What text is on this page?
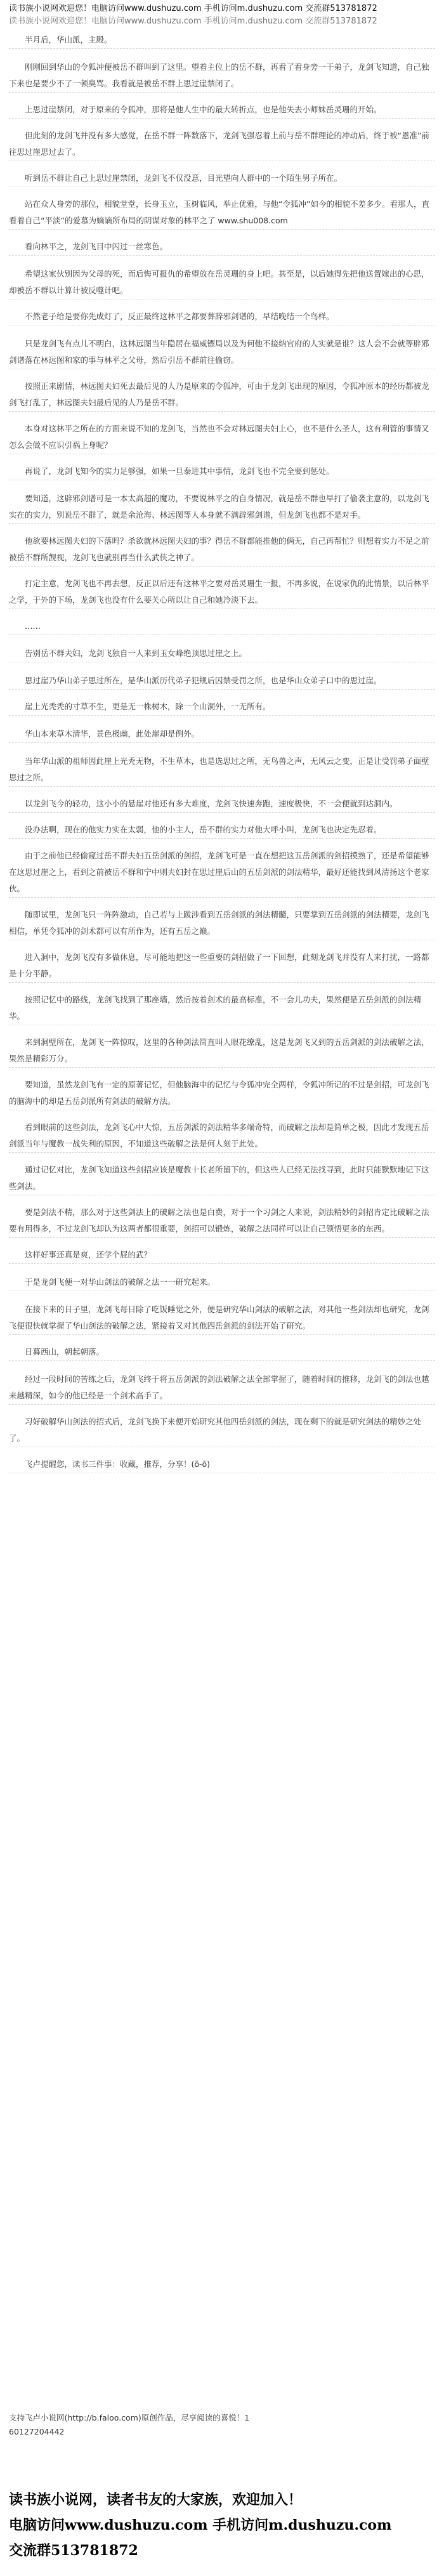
读书族小说网欢迎您！电脑访问www.dushuzu.com 手机访问m.dushuzu.com 交流群513781872
读书族小说网欢迎您！电脑访问www.dushuzu.com 手机访问m.dushuzu.com 交流群513781872

半月后，华山派，主殿。

刚刚回到华山的令狐冲便被岳不群叫到了这里。望着主位上的岳不群，再看了看身旁一干弟子，龙剑飞知道，自己独下来也是要少不了一顿臭骂。我看就是被岳不群上思过崖禁闭了。

上思过崖禁闭，对于原来的令狐冲，那将是他人生中的最大转折点，也是他失去小师妹岳灵珊的开始。

但此刻的龙剑飞并没有多大感觉，在岳不群一阵数落下，龙剑飞强忍着上前与岳不群理论的冲动后，终于被“恩准”前往思过崖思过去了。

听到岳不群让自己上思过崖禁闭，龙剑飞不仅没意，目光望向人群中的一个陌生男子所在。

站在众人身旁的那位，相貌堂堂，长身玉立，玉树临风，举止优雅，与他“令狐冲”如今的相貌不差多少。看那人，直看着自己“平淡”的爱慕为嫡谪所布局的阴谋对象的林平之了 www.shu008.com

看向林平之，龙剑飞目中闪过一丝寒色。

希望这家伙别因为父母的死，而后悔可报仇的希望放在岳灵珊的身上吧。甚至是，以后她得先把他送置嫁出的心思，却被岳不群以计算计被反噬计吧。

不然老子给是要你先成灯了，反正最终这林平之都要葬辞邪剑谱的，早结晚结一个鸟样。

只是龙剑飞有点儿不明白，这林远图当年隐居在福威镖局以及为何他不接纳官府的人实就是谁？这人会不会就等辟邪剑谱落在林远图和家的事与林平之父母，然后引岳不群前往偷窃。

按照正来剧情，林远图夫妇死去最后见的人乃是原来的令狐冲，可由于龙剑飞出现的原因，令狐冲原本的经历都被龙剑飞打乱了，林远图夫妇最后见的人乃是岳不群。

本身对这林平之所在的方面来说不知的龙剑飞，当然也不会对林远图夫妇上心，也不是什么圣人，这有利管的事情又怎么会做不应识引祸上身呢？

再说了，龙剑飞知今的实力足够强，如果一旦泰进其中事情，龙剑飞也不完全要到惩处。

要知道，这辟邪剑谱可是一本太高超的魔功，不要说林平之的自身情况，就是岳不群也早打了偷袭主意的，以龙剑飞实在的实力，别说岳不群了，就是余沧海、林远图等人本身就不满辟邪剑谱，但龙剑飞也都不是对手。

他欲要林远图夫妇的下落吗？杀欲就林远图夫妇的事？得岳不群都能推他的俩无，自己再帮忙？则想着实力不足之前被岳不群所觊视，龙剑飞也就别再当什么武侠之神了。

打定主意，龙剑飞也不再去想，反正以后还有这林平之要对岳灵珊生一报，不再多说，在说家仇的此情景，以后林平之学，于外的下场，龙剑飞也没有什么要关心所以让自己和她冷淡下去。

……

告别岳不群夫妇，龙剑飞独自一人来到玉女峰绝顶思过崖之上。

思过崖乃华山弟子思过所在，是华山派历代弟子犯规后囚禁受罚之所，也是华山众弟子口中的思过崖。

崖上光秃秃的寸草不生，更是无一株树木，除一个山洞外，一无所有。

华山本来草木清华，景色极幽，此处崖却是例外。

当年华山派的祖师因此崖上光秃无物，不生草木，也是选思过之所，无鸟兽之声，无风云之变，正是让受罚弟子面壁思过之所。

以龙剑飞今的轻功，这小小的悬崖对他还有多大难度，龙剑飞快速奔跑，速度极快，不一会便就到达洞内。

没办法啊，现在的他实力实在太弱，他的小主人，岳不群的实力对他大呼小叫，龙剑飞也决定先忍着。

由于之前他已经偷窥过岳不群夫妇五岳剑派的剑招，龙剑飞可是一直在想把这五岳剑派的剑招摸熟了，还是希望能够在这思过崖之上，看到之前被岳不群和宁中则夫妇封在思过崖后山的五岳剑派的剑法精华，最好还能找到风清扬这个老家伙。

随即试里，龙剑飞只一阵阵激动，自己若与上跋涉看到五岳剑派的剑法精髓，只要掌到五岳剑派的剑法精要，龙剑飞相信，单凭令狐冲的剑术都可以有所作为，还有五岳之巅。

进入洞中，龙剑飞没有多做休息，尽可能地把这一些重要的剑招做了一下回想，此刻龙剑飞并没有人来打扰，一路都是十分平静。

按照记忆中的路线，龙剑飞找到了那座墙，然后按着剑术的最高标准，不一会儿功夫，果然便是五岳剑派的剑法精华。

来到洞壁所在，龙剑飞一阵惊叹，这里的各种剑法简直叫人眼花缭乱，这是龙剑飞又到的五岳剑派的剑法破解之法，果然是精彩万分。

要知道，虽然龙剑飞有一定的原著记忆，但他脑海中的记忆与令狐冲完全两样，令狐冲所记的不过是剑招，可龙剑飞的脑海中的却是五岳剑派所有剑法的破解方法。

看到眼前的这些剑法，龙剑飞心中大惊，五岳剑派的剑法精华多端奇特，而破解之法却是简单之极，因此才发现五岳剑派当年与魔教一战失利的原因，不知道这些破解之法是何人刻于此处。

通过记忆对比，龙剑飞知道这些剑招应该是魔教十长老所留下的，但这些人已经无法找寻到，此时只能默默地记下这些剑法。

要是剑法不精，那么对于这些剑法上的破解之法也是白费，对于一个习剑之人来说，剑法精妙的剑招肯定比破解之法要有用得多，不过龙剑飞却认为这两者都很重要，剑招可以锻炼，破解之法同样可以让自己领悟更多的东西。

这样好事还真是爽，还学个屁的武？

于是龙剑飞便一对华山剑法的破解之法一一研究起来。

在接下来的日子里，龙剑飞每日除了吃饭睡觉之外，便是研究华山剑法的破解之法，对其他一些剑法却也研究，龙剑飞便很快就掌握了华山剑法的破解之法，紧接着又对其他四岳剑派的剑法开始了研究。

日暮西山，朝起朝落。

经过一段时间的苦练之后，龙剑飞终于将五岳剑派的剑法破解之法全部掌握了，随着时间的推移，龙剑飞的剑法也越来越精深，如今的他已经是一个剑术高手了。

习好破解华山剑法的招式后，龙剑飞换下来便开始研究其他四岳剑派的剑法，现在剩下的就是研究剑法的精妙之处了。

飞卢提醒您，读书三件事：收藏，推荐，分享！(ō-ō)

支持飞卢小说网(http://b.faloo.com)原创作品，尽享阅读的喜悦！1
60127204442
读书族小说网，读者书友的大家族，欢迎加入！
电脑访问www.dushuzu.com 手机访问m.dushuzu.com
交流群513781872
